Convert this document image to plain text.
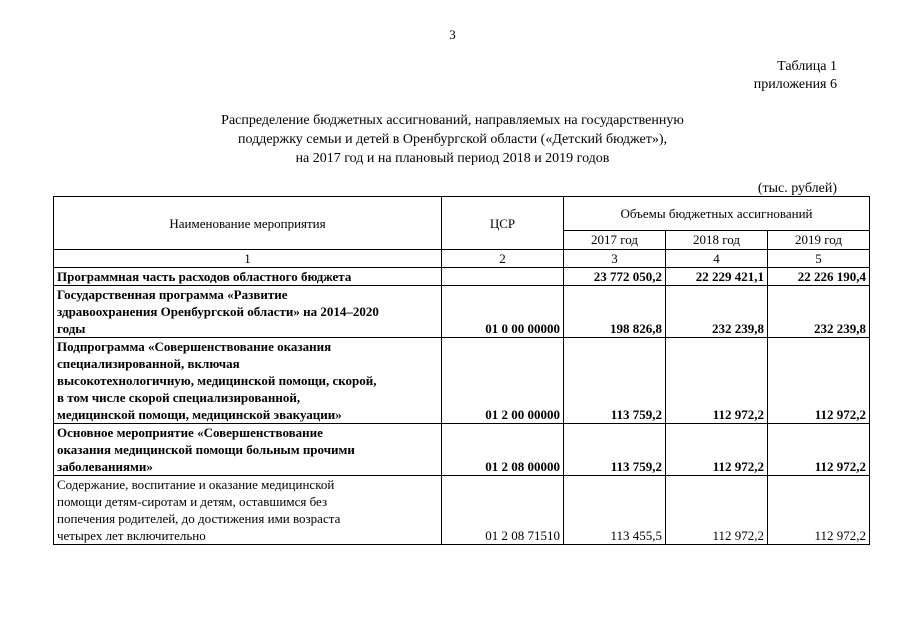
3
Таблица 1
приложения 6
Распределение бюджетных ассигнований, направляемых на государственную
поддержку семьи и детей в Оренбургской области («Детский бюджет»),
на 2017 год и на плановый период 2018 и 2019 годов
(тыс. рублей)
Наименование мероприятия	ЦСР	Объемы бюджетных ассигнований		
		2017 год	2018 год	2019 год
1	2	3	4	5

Программная часть расходов областного бюджета		23 772 050,2	22 229 421,1	22 226 190,4

Государственная программа «Развитие
здравоохранения Оренбургской области» на 2014–2020
годы	01 0 00 00000	198 826,8	232 239,8	232 239,8

Подпрограмма «Совершенствование оказания
специализированной, включая
высокотехнологичную, медицинской помощи, скорой,
в том числе скорой специализированной,
медицинской помощи, медицинской эвакуации»	01 2 00 00000	113 759,2	112 972,2	112 972,2

Основное мероприятие «Совершенствование
оказания медицинской помощи больным прочими
заболеваниями»	01 2 08 00000	113 759,2	112 972,2	112 972,2

Содержание, воспитание и оказание медицинской
помощи детям-сиротам и детям, оставшимся без
попечения родителей, до достижения ими возраста
четырех лет включительно	01 2 08 71510	113 455,5	112 972,2	112 972,2
